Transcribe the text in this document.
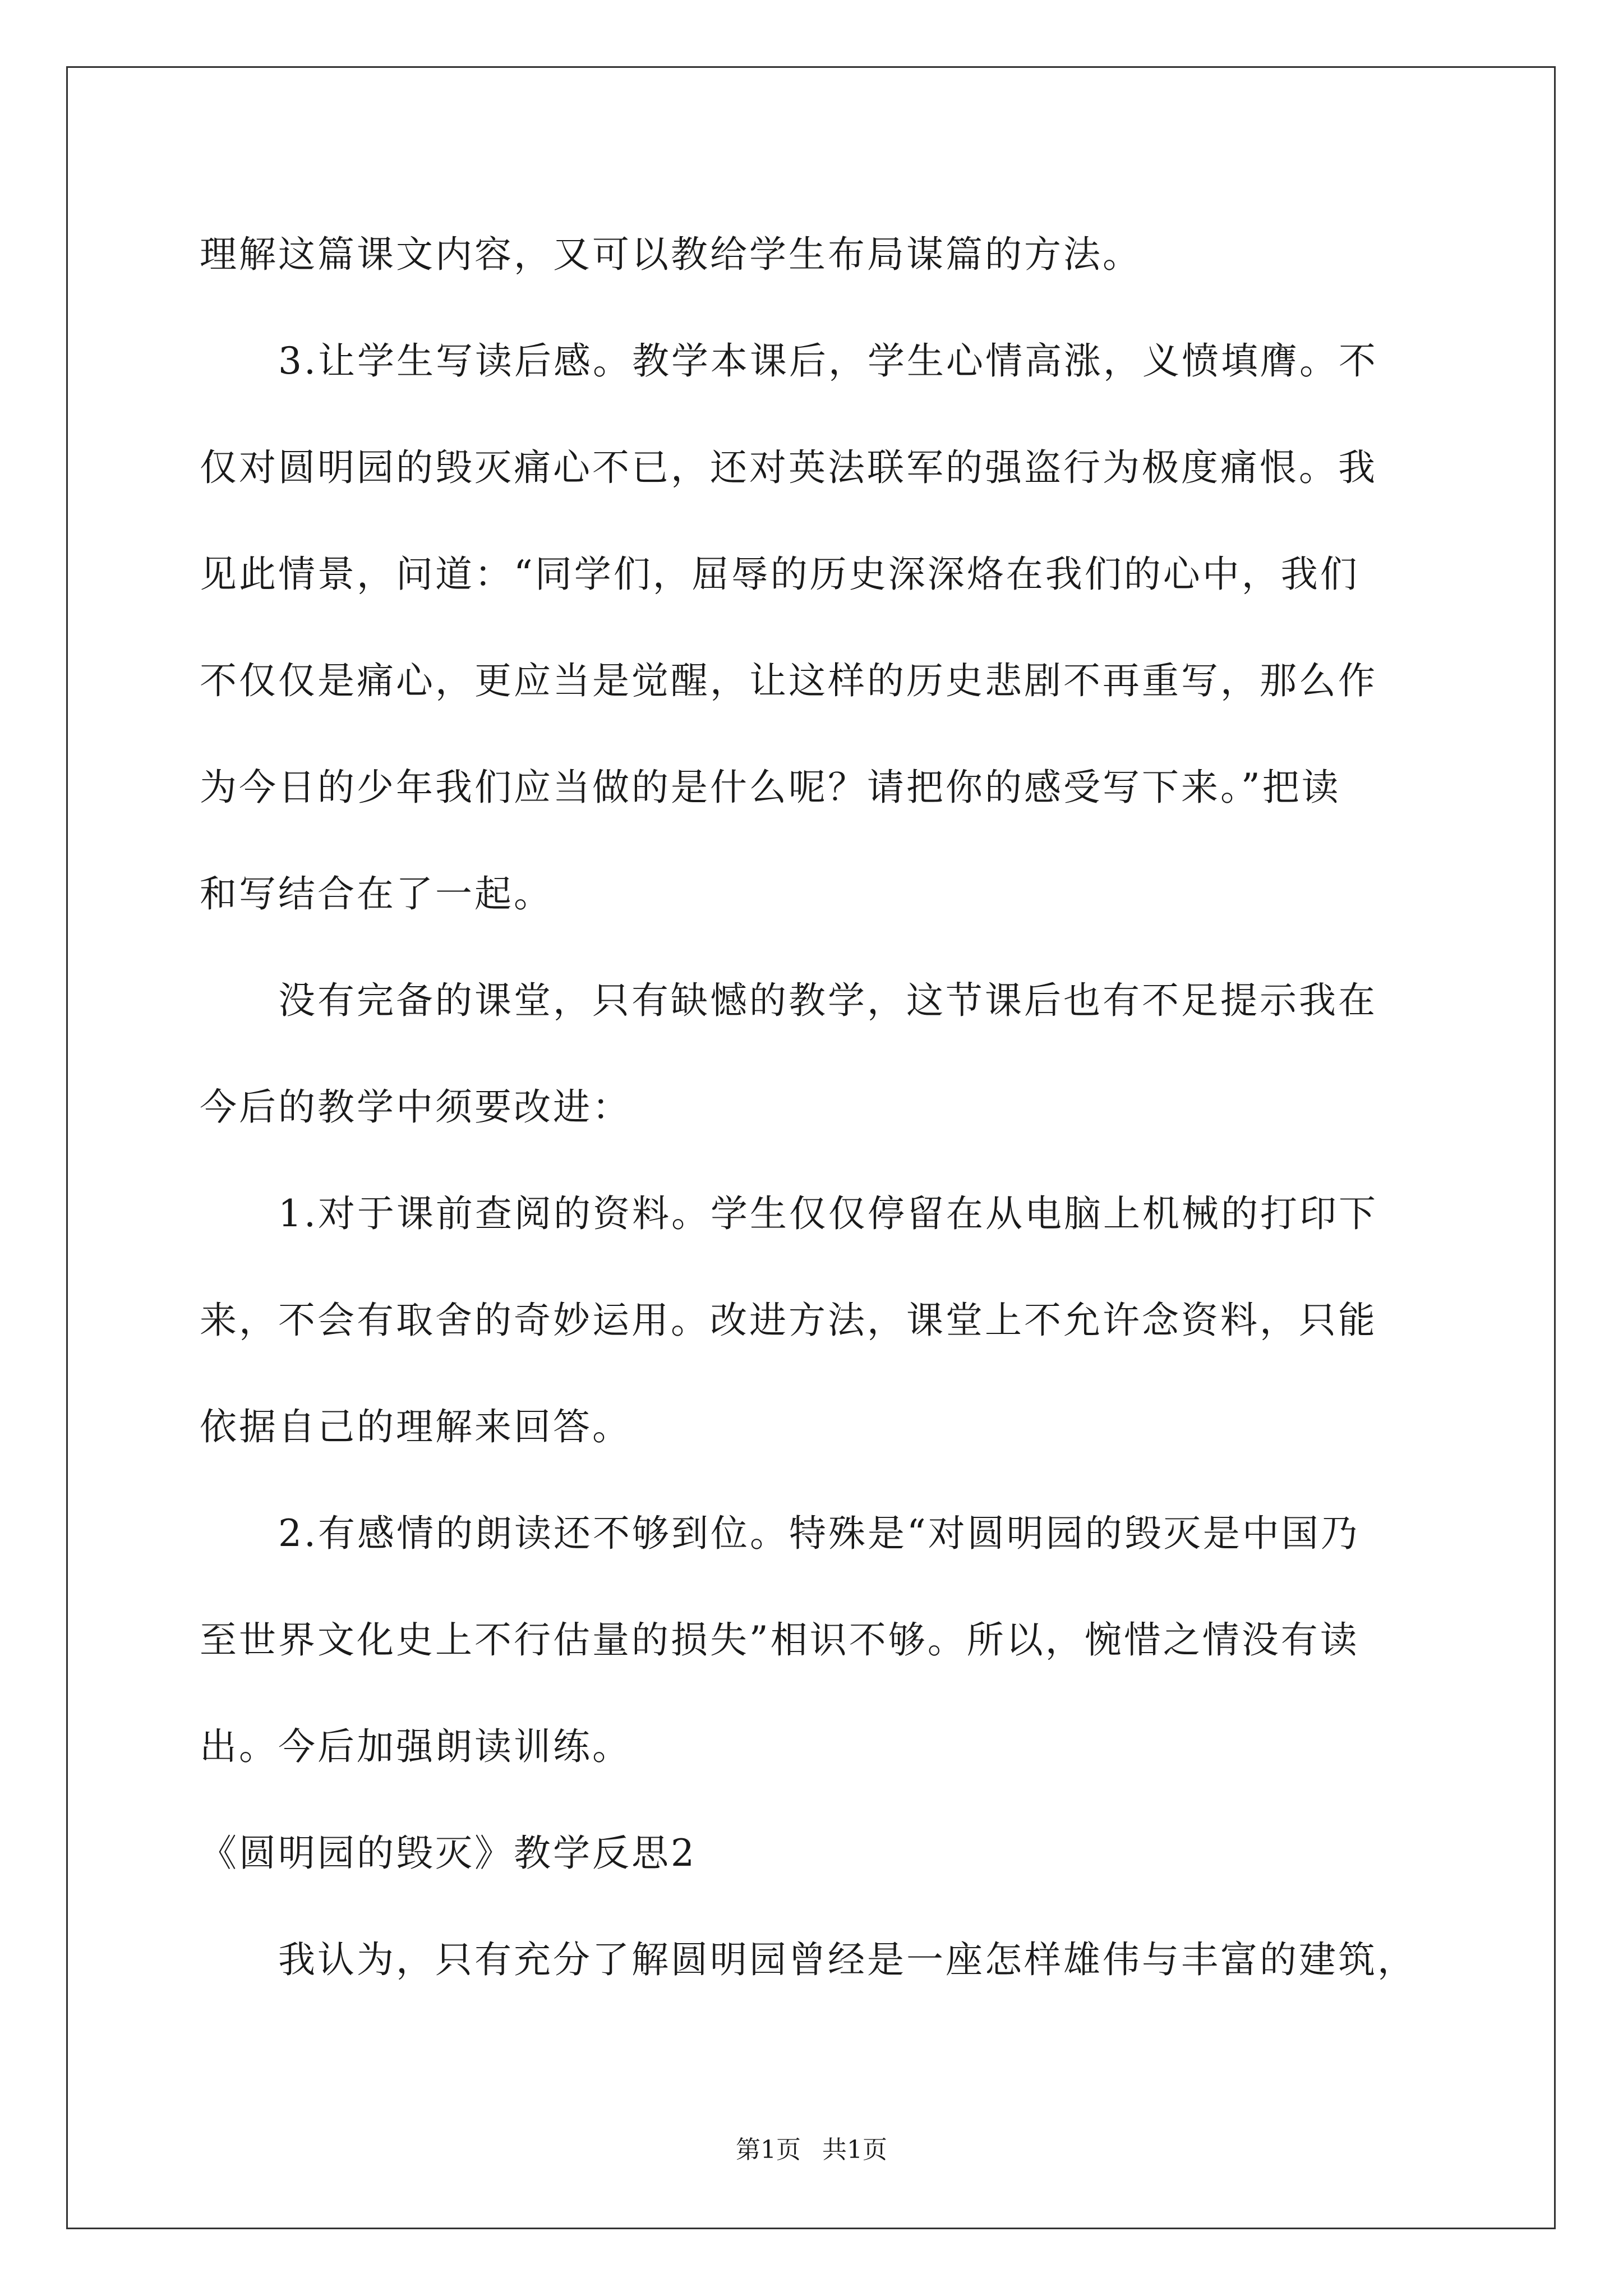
理解这篇课文内容，又可以教给学生布局谋篇的方法。
　　3.让学生写读后感。教学本课后，学生心情高涨，义愤填膺。不
仅对圆明园的毁灭痛心不已，还对英法联军的强盗行为极度痛恨。我
见此情景，问道：“同学们，屈辱的历史深深烙在我们的心中，我们
不仅仅是痛心，更应当是觉醒，让这样的历史悲剧不再重写，那么作
为今日的少年我们应当做的是什么呢？请把你的感受写下来。”把读
和写结合在了一起。
　　没有完备的课堂，只有缺憾的教学，这节课后也有不足提示我在
今后的教学中须要改进：
　　1.对于课前查阅的资料。学生仅仅停留在从电脑上机械的打印下
来，不会有取舍的奇妙运用。改进方法，课堂上不允许念资料，只能
依据自己的理解来回答。
　　2.有感情的朗读还不够到位。特殊是“对圆明园的毁灭是中国乃
至世界文化史上不行估量的损失”相识不够。所以，惋惜之情没有读
出。今后加强朗读训练。
《圆明园的毁灭》教学反思2
　　我认为，只有充分了解圆明园曾经是一座怎样雄伟与丰富的建筑，
第1页 共1页
